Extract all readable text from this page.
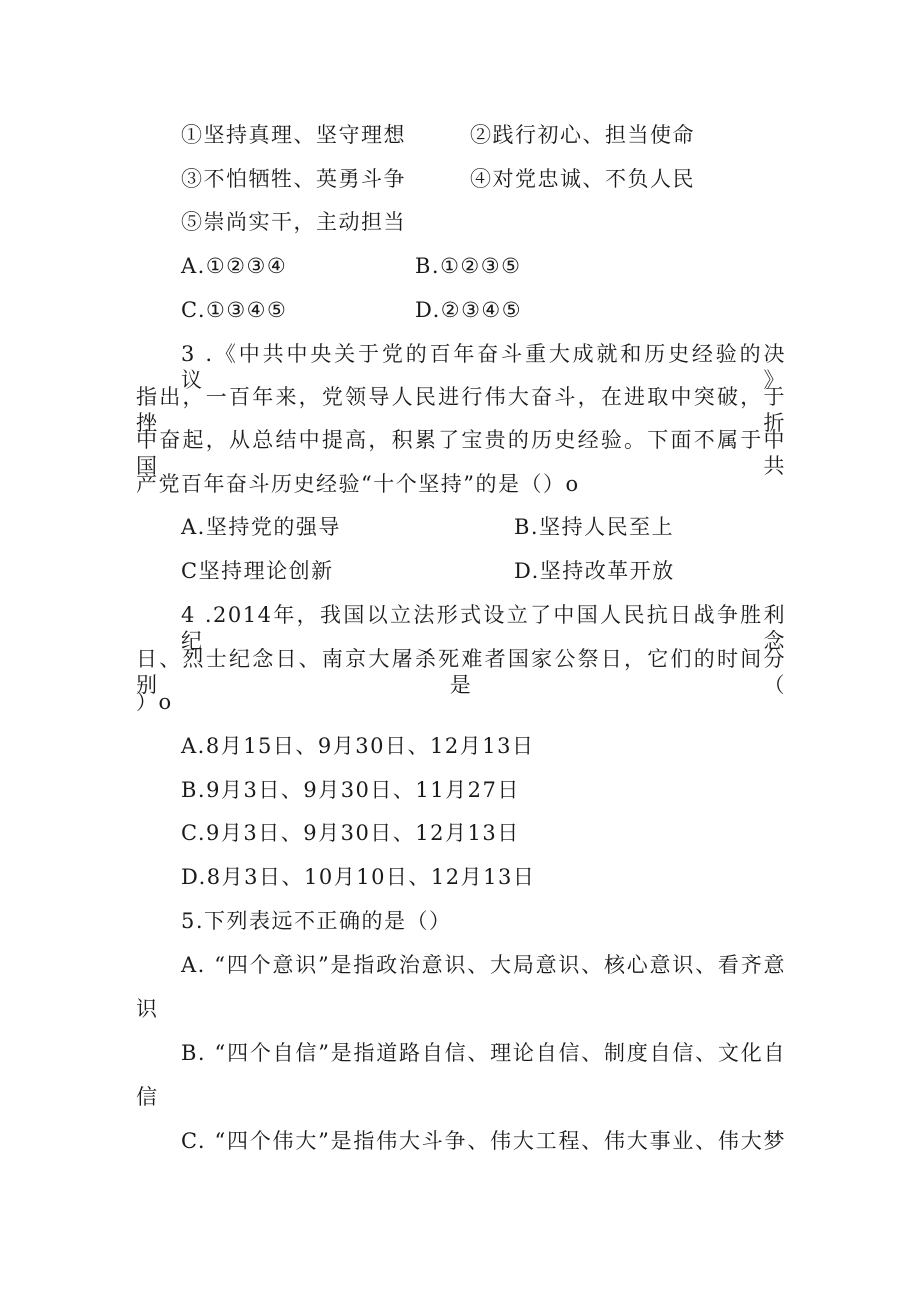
①坚持真理、坚守理想	②践行初心、担当使命
③不怕牺牲、英勇斗争	④对党忠诚、不负人民
⑤崇尚实干，主动担当
A.①②③④	B.①②③⑤
C.①③④⑤	D.②③④⑤
3 .《中共中央关于党的百年奋斗重大成就和历史经验的决议》
指出，一百年来，党领导人民进行伟大奋斗，在进取中突破，于挫折
中奋起，从总结中提高，积累了宝贵的历史经验。下面不属于中国共
产党百年奋斗历史经验“十个坚持”的是（）o
A.坚持党的强导	B.坚持人民至上
C坚持理论创新	D.坚持改革开放
4 .2014年，我国以立法形式设立了中国人民抗日战争胜利纪念
日、烈士纪念日、南京大屠杀死难者国家公祭日，它们的时间分别是（
）o
A.8月15日、9月30日、12月13日
B.9月3日、9月30日、11月27日
C.9月3日、9月30日、12月13日
D.8月3日、10月10日、12月13日
5.下列表远不正确的是（）
A. “四个意识”是指政治意识、大局意识、核心意识、看齐意
识
B. “四个自信”是指道路自信、理论自信、制度自信、文化自
信
C. “四个伟大”是指伟大斗争、伟大工程、伟大事业、伟大梦
